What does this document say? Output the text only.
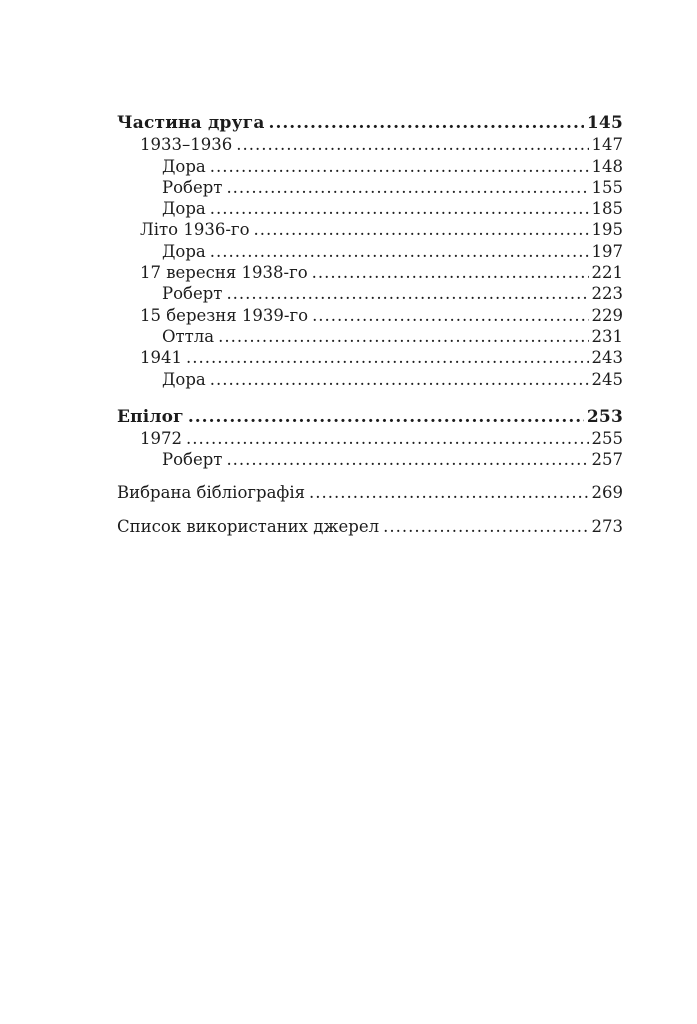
Частина друга .....	145
1933–1936 .....	147
Дора .....	148
Роберт .....	155
Дора .....	185
Літо 1936-го .....	195
Дора .....	197
17 вересня 1938-го .....	221
Роберт .....	223
15 березня 1939-го .....	229
Оттла .....	231
1941 .....	243
Дора .....	245
Епілог .....	253
1972 .....	255
Роберт .....	257
Вибрана бібліографія .....	269
Список використаних джерел .....	273
